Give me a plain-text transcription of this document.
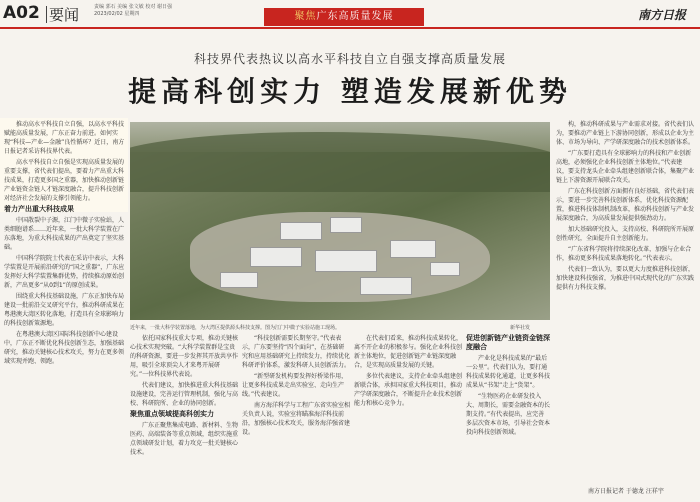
A02 要闻	责编 郭石 美编 张文敏 校对 谢日强
2023/02/02 星期四	聚焦广东高质量发展	南方日报
科技界代表热议以高水平科技自立自强支撑高质量发展
提高科创实力 塑造发展新优势

推动高水平科技自立自强，以高水平科技赋能高质量发展，广东正奋力前进。如何实现“科技—产业—金融”良性循环？近日，南方日报记者采访科技界代表。

高水平科技自立自强是实现高质量发展的重要支撑，省代表们提出，要着力产出重大科技成果，打造更多国之重器，加快推动创新链产业链资金链人才链深度融合，提升科技创新对经济社会发展的支撑引领能力。

着力产出重大科技成果

中国散裂中子源，江门中微子实验站，人类细胞谱系……近年来，一批大科学装置在广东落地，为重大科技成果的产出奠定了坚实基础。

中国科学院院士代表在采访中表示，大科学装置是开展前沿研究的“国之重器”，广东应发挥好大科学装置集群优势，持续推动原始创新，产出更多“从0到1”的原创成果。

围绕重大科技基础设施，广东正加快布局建设一批前沿交叉研究平台，推动科研成果在粤港澳大湾区转化落地，打造具有全球影响力的科技创新策源地。

在粤港澳大湾区国际科技创新中心建设中，广东正不断优化科技创新生态，加强基础研究，推动关键核心技术攻关，努力在更多领域实现并跑、领跑。

近年来，一批大科学装置落地，为大湾区提供源头科技支撑。图为江门中微子实验站施工现场。	新华社发

依托国家科技重大专项，推动关键核心技术实现突破。“大科学装置群是宝贵的科研资源，要进一步发挥其开放共享作用，吸引全球顶尖人才来粤开展研究。”一位科技界代表说。

代表们建议，加快推进重大科技基础设施建设，完善运行管理机制，强化与高校、科研院所、企业的协同创新。

聚焦重点领域提高科创实力

广东正聚焦集成电路、新材料、生物医药、高端装备等重点领域，组织实施重点领域研发计划，着力攻克一批关键核心技术。

“科技创新需要长期坚守。”代表表示，广东要坚持“四个面向”，在基础研究和应用基础研究上持续发力，持续优化科研评价体系，激发科研人员创新活力。

“新型研发机构要发挥好桥梁作用，让更多科技成果走出实验室、走向生产线。”代表建议。

南方海洋科学与工程广东省实验室相关负责人说，实验室将瞄准海洋科技前沿，加强核心技术攻关，服务海洋强省建设。

在代表们看来，推动科技成果转化，离不开企业的积极参与。强化企业科技创新主体地位，促进创新链产业链深度融合，是实现高质量发展的关键。

多位代表建议，支持企业牵头组建创新联合体，承担国家重大科技项目，推动产学研深度融合，不断提升企业技术创新能力和核心竞争力。

促进创新链产业链资金链深度融合

产业化是科技成果的“最后一公里”。代表们认为，要打通科技成果转化通道，让更多科技成果从“书架”走上“货架”。

“生物医药企业研发投入大、周期长，需要金融资本的长期支持。”有代表提出，应完善多层次资本市场，引导社会资本投向科技创新领域。

构，推动科研成果与产业需求对接。省代表们认为，要推动产业链上下游协同创新，形成以企业为主体、市场为导向、产学研深度融合的技术创新体系。

“广东要打造具有全球影响力的科技和产业创新高地，必须强化企业科技创新主体地位。”代表建议，要支持龙头企业牵头组建创新联合体，集聚产业链上下游资源开展联合攻关。

广东在科技创新方面拥有良好基础，省代表们表示，要进一步完善科技创新体系，优化科技资源配置，推进科技体制机制改革，推动科技创新与产业发展深度融合，为高质量发展提供强劲动力。

加大基础研究投入，支持高校、科研院所开展原创性研究，全面提升自主创新能力。

“广东省科学院将持续深化改革，加强与企业合作，推动更多科技成果落地转化。”代表表示。

代表们一致认为，要以更大力度推进科技创新，加快建设科技强省，为推进中国式现代化的广东实践提供有力科技支撑。

南方日报记者 于德龙 汪祥宇
